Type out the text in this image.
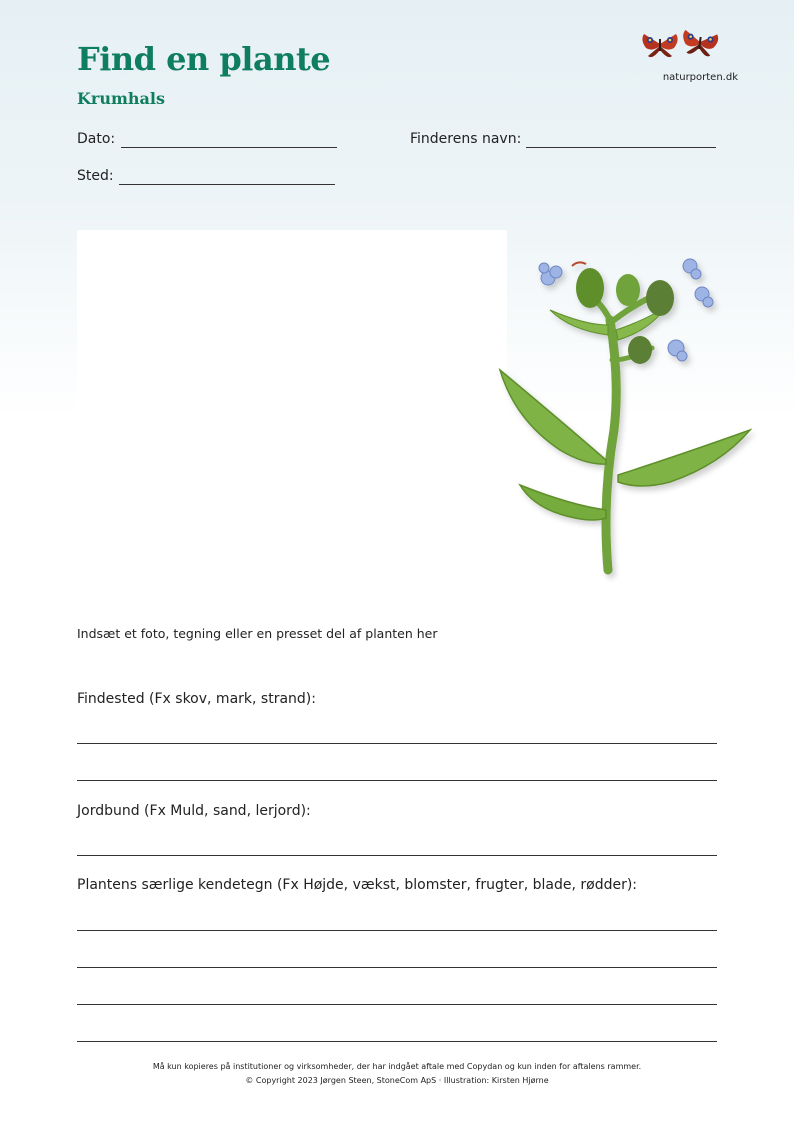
Find en plante
Krumhals
naturporten.dk
Dato:	Finderens navn:
Sted:
Indsæt et foto, tegning eller en presset del af planten her
Findested (Fx skov, mark, strand):
Jordbund (Fx Muld, sand, lerjord):
Plantens særlige kendetegn (Fx Højde, vækst, blomster, frugter, blade, rødder):
Må kun kopieres på institutioner og virksomheder, der har indgået aftale med Copydan og kun inden for aftalens rammer.
© Copyright 2023 Jørgen Steen, StoneCom ApS · Illustration: Kirsten Hjørne
